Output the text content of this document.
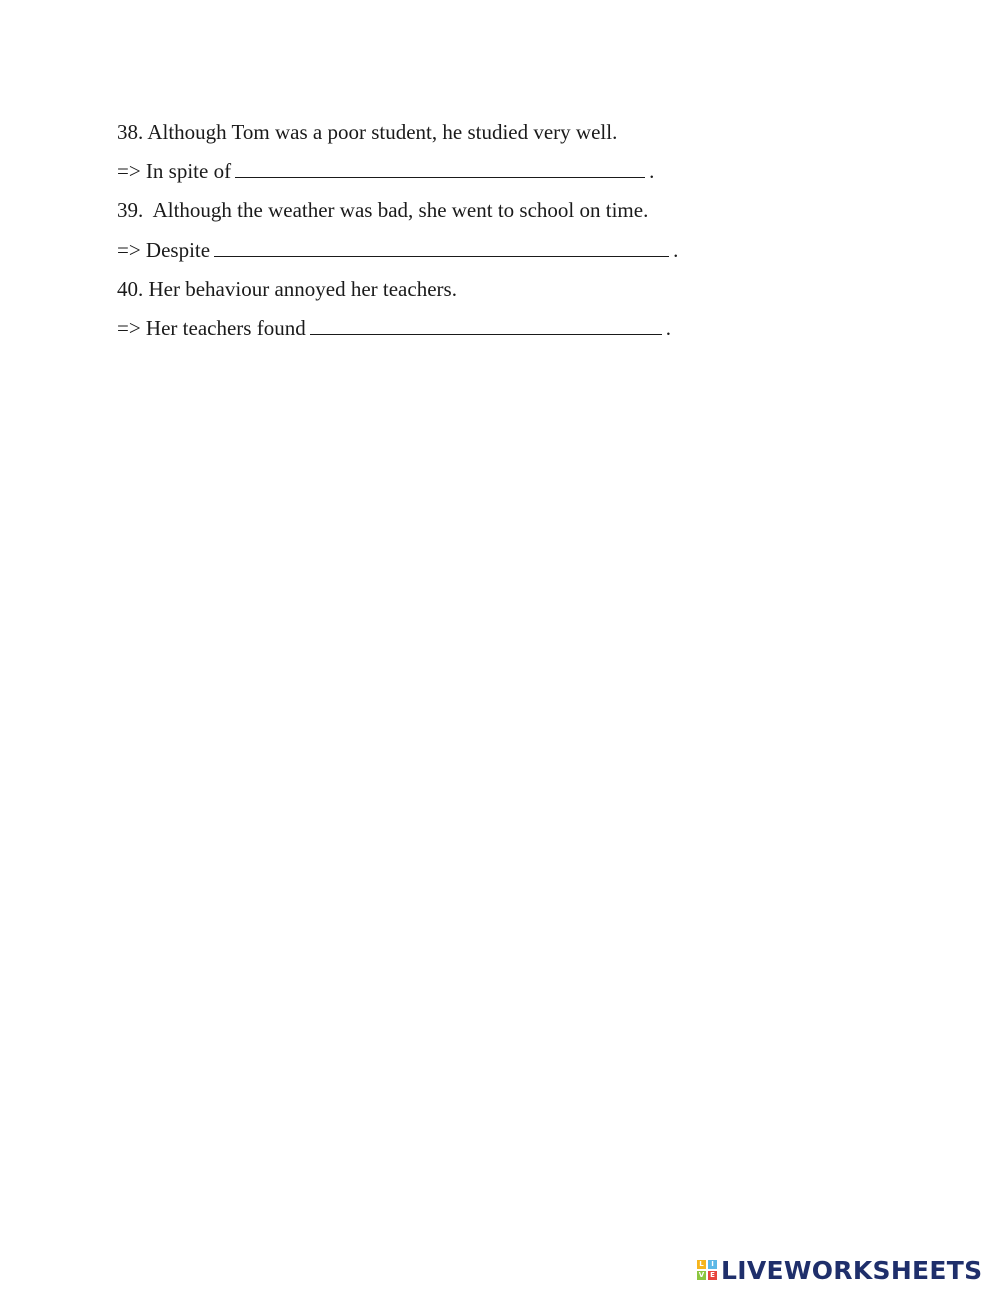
38. Although Tom was a poor student, he studied very well.
=> In spite of	.
39.  Although the weather was bad, she went to school on time.
=> Despite	.
40. Her behaviour annoyed her teachers.
=> Her teachers found	.
L	I
V E LIVEWORKSHEETS
